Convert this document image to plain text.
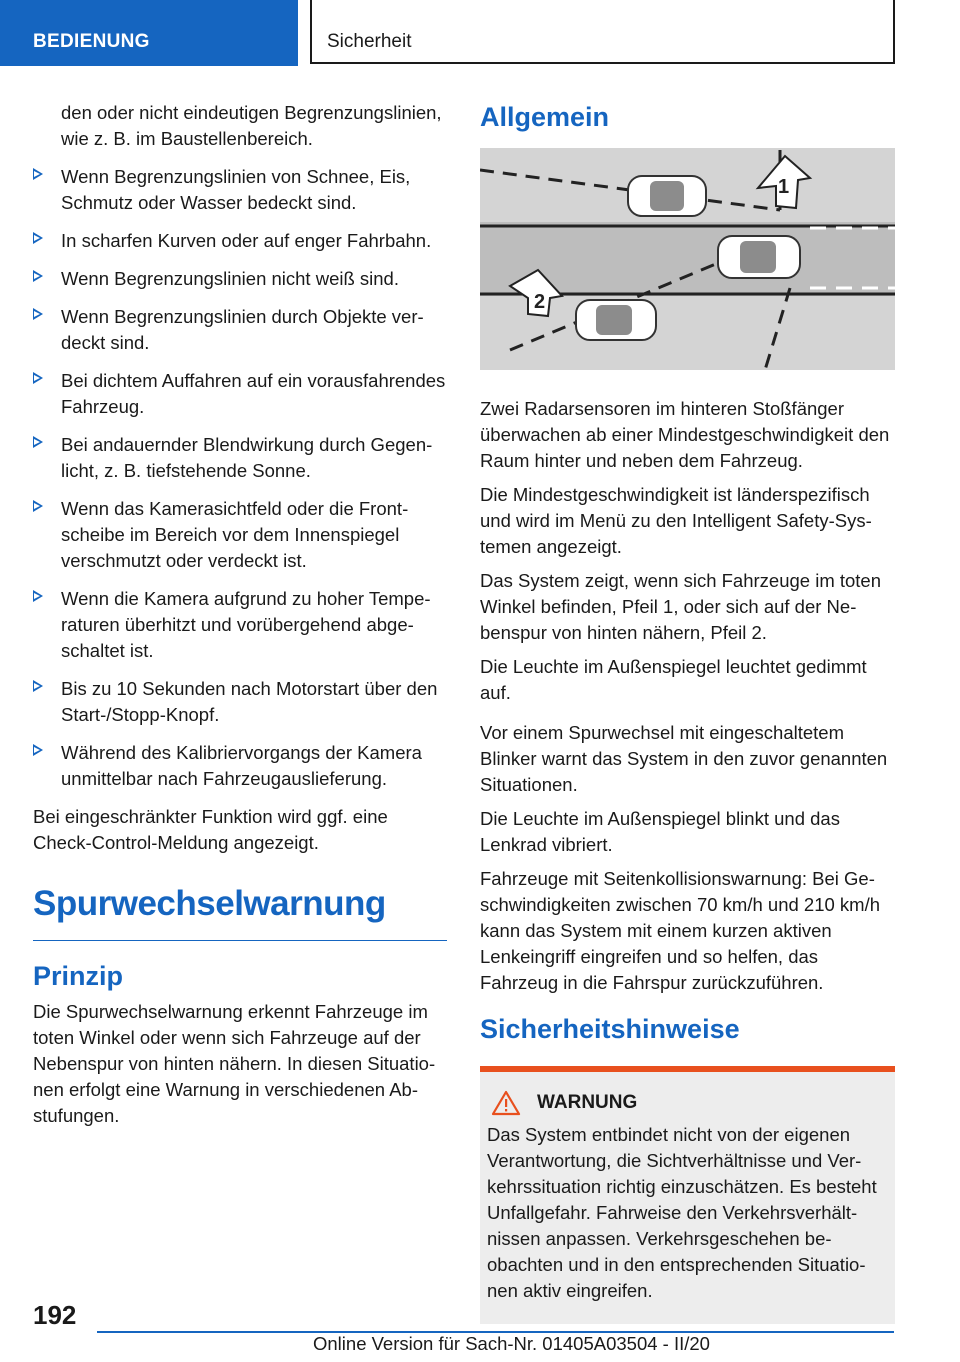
BEDIENUNG	Sicherheit
den oder nicht eindeutigen Begrenzungslinien, wie z. B. im Baustellenbereich.
Wenn Begrenzungslinien von Schnee, Eis, Schmutz oder Wasser bedeckt sind.
In scharfen Kurven oder auf enger Fahrbahn.
Wenn Begrenzungslinien nicht weiß sind.
Wenn Begrenzungslinien durch Objekte verdeckt sind.
Bei dichtem Auffahren auf ein vorausfahrendes Fahrzeug.
Bei andauernder Blendwirkung durch Gegenlicht, z. B. tiefstehende Sonne.
Wenn das Kamerasichtfeld oder die Frontscheibe im Bereich vor dem Innenspiegel verschmutzt oder verdeckt ist.
Wenn die Kamera aufgrund zu hoher Temperaturen überhitzt und vorübergehend abgeschaltet ist.
Bis zu 10 Sekunden nach Motorstart über den Start-/Stopp-Knopf.
Während des Kalibriervorgangs der Kamera unmittelbar nach Fahrzeugauslieferung.

Bei eingeschränkter Funktion wird ggf. eine Check-Control-Meldung angezeigt.

Spurwechselwarnung
Prinzip

Die Spurwechselwarnung erkennt Fahrzeuge im toten Winkel oder wenn sich Fahrzeuge auf der Nebenspur von hinten nähern. In diesen Situationen erfolgt eine Warnung in verschiedenen Abstufungen.

Allgemein
1
2

Zwei Radarsensoren im hinteren Stoßfänger überwachen ab einer Mindestgeschwindigkeit den Raum hinter und neben dem Fahrzeug.

Die Mindestgeschwindigkeit ist länderspezifisch und wird im Menü zu den Intelligent Safety-Systemen angezeigt.

Das System zeigt, wenn sich Fahrzeuge im toten Winkel befinden, Pfeil 1, oder sich auf der Nebenspur von hinten nähern, Pfeil 2.

Die Leuchte im Außenspiegel leuchtet gedimmt auf.

Vor einem Spurwechsel mit eingeschaltetem Blinker warnt das System in den zuvor genannten Situationen.

Die Leuchte im Außenspiegel blinkt und das Lenkrad vibriert.

Fahrzeuge mit Seitenkollisionswarnung: Bei Geschwindigkeiten zwischen 70 km/h und 210 km/h kann das System mit einem kurzen aktiven Lenkeingriff eingreifen und so helfen, das Fahrzeug in die Fahrspur zurückzuführen.

Sicherheitshinweise
WARNUNG
Das System entbindet nicht von der eigenen Verantwortung, die Sichtverhältnisse und Verkehrssituation richtig einzuschätzen. Es besteht Unfallgefahr. Fahrweise den Verkehrsverhältnissen anpassen. Verkehrsgeschehen beobachten und in den entsprechenden Situationen aktiv eingreifen.
192
Online Version für Sach-Nr. 01405A03504 - II/20
